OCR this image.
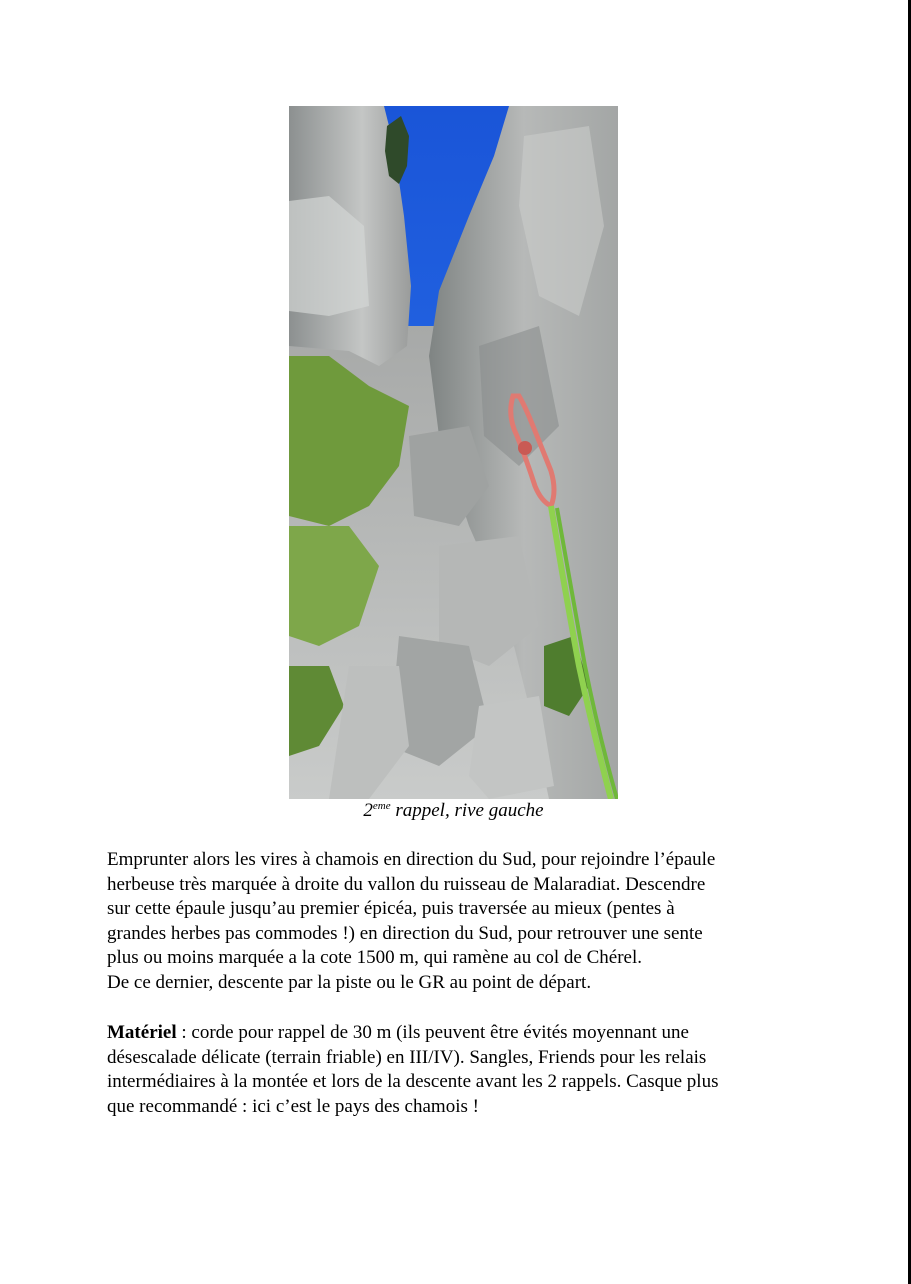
2eme rappel, rive gauche

Emprunter alors les vires à chamois en direction du Sud, pour rejoindre l’épaule

herbeuse très marquée à droite du vallon du ruisseau de Malaradiat. Descendre

sur cette épaule jusqu’au premier épicéa, puis traversée au mieux (pentes à

grandes herbes pas commodes !) en direction du Sud, pour retrouver une sente

plus ou moins marquée a la cote 1500 m, qui ramène au col de Chérel.

De ce dernier, descente par la piste ou le GR au point de départ.

Matériel : corde pour rappel de 30 m (ils peuvent être évités moyennant une

désescalade délicate (terrain friable) en III/IV). Sangles, Friends pour les relais

intermédiaires à la montée et lors de la descente avant les 2 rappels. Casque plus

que recommandé : ici c’est le pays des chamois !
